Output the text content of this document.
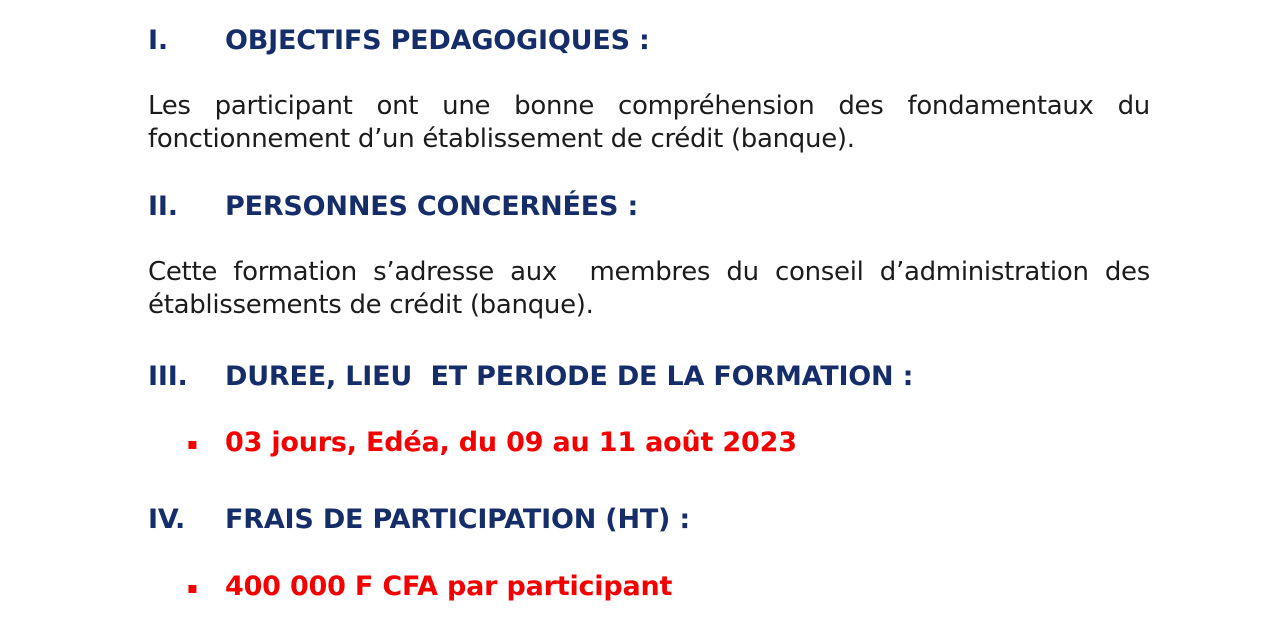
I.	OBJECTIFS PEDAGOGIQUES :

Les participant ont une bonne compréhension des fondamentaux du
fonctionnement d’un établissement de crédit (banque).

II.	PERSONNES CONCERNÉES :

Cette formation s’adresse aux  membres du conseil d’administration des
établissements de crédit (banque).

III.	DUREE, LIEU  ET PERIODE DE LA FORMATION :
▪	03 jours, Edéa, du 09 au 11 août 2023
IV.	FRAIS DE PARTICIPATION (HT) :
▪	400 000 F CFA par participant
